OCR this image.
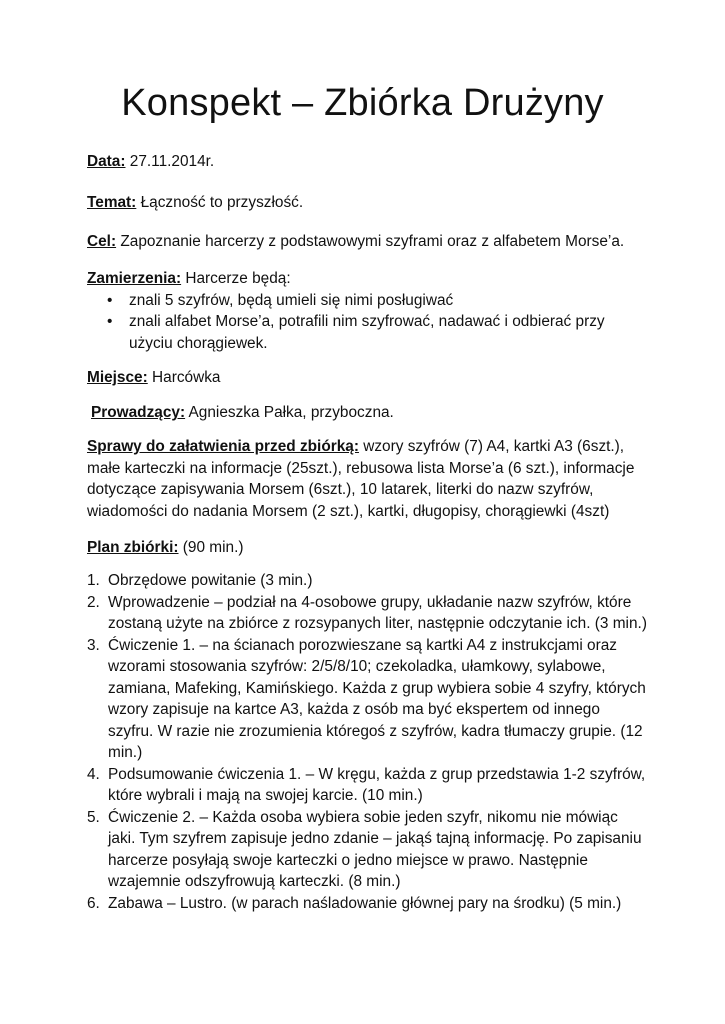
Konspekt – Zbiórka Drużyny
Data: 27.11.2014r.
Temat: Łączność to przyszłość.
Cel: Zapoznanie harcerzy z podstawowymi szyframi oraz z alfabetem Morse’a.
Zamierzenia: Harcerze będą:
• znali 5 szyfrów, będą umieli się nimi posługiwać
• znali alfabet Morse’a, potrafili nim szyfrować, nadawać i odbierać przy użyciu chorągiewek.
Miejsce: Harcówka
Prowadzący: Agnieszka Pałka, przyboczna.
Sprawy do załatwienia przed zbiórką: wzory szyfrów (7) A4, kartki A3 (6szt.), małe karteczki na informacje (25szt.), rebusowa lista Morse’a (6 szt.), informacje dotyczące zapisywania Morsem (6szt.), 10 latarek, literki do nazw szyfrów, wiadomości do nadania Morsem (2 szt.), kartki, długopisy, chorągiewki (4szt)
Plan zbiórki: (90 min.)
1. Obrzędowe powitanie (3 min.)
2. Wprowadzenie – podział na 4-osobowe grupy, układanie nazw szyfrów, które zostaną użyte na zbiórce z rozsypanych liter, następnie odczytanie ich. (3 min.)
3. Ćwiczenie 1. – na ścianach porozwieszane są kartki A4 z instrukcjami oraz wzorami stosowania szyfrów: 2/5/8/10; czekoladka, ułamkowy, sylabowe, zamiana, Mafeking, Kamińskiego. Każda z grup wybiera sobie 4 szyfry, których wzory zapisuje na kartce A3, każda z osób ma być ekspertem od innego szyfru. W razie nie zrozumienia któregoś z szyfrów, kadra tłumaczy grupie. (12 min.)
4. Podsumowanie ćwiczenia 1. – W kręgu, każda z grup przedstawia 1-2 szyfrów, które wybrali i mają na swojej karcie. (10 min.)
5. Ćwiczenie 2. – Każda osoba wybiera sobie jeden szyfr, nikomu nie mówiąc jaki. Tym szyfrem zapisuje jedno zdanie – jakąś tajną informację. Po zapisaniu harcerze posyłają swoje karteczki o jedno miejsce w prawo. Następnie wzajemnie odszyfrowują karteczki. (8 min.)
6. Zabawa – Lustro. (w parach naśladowanie głównej pary na środku) (5 min.)
